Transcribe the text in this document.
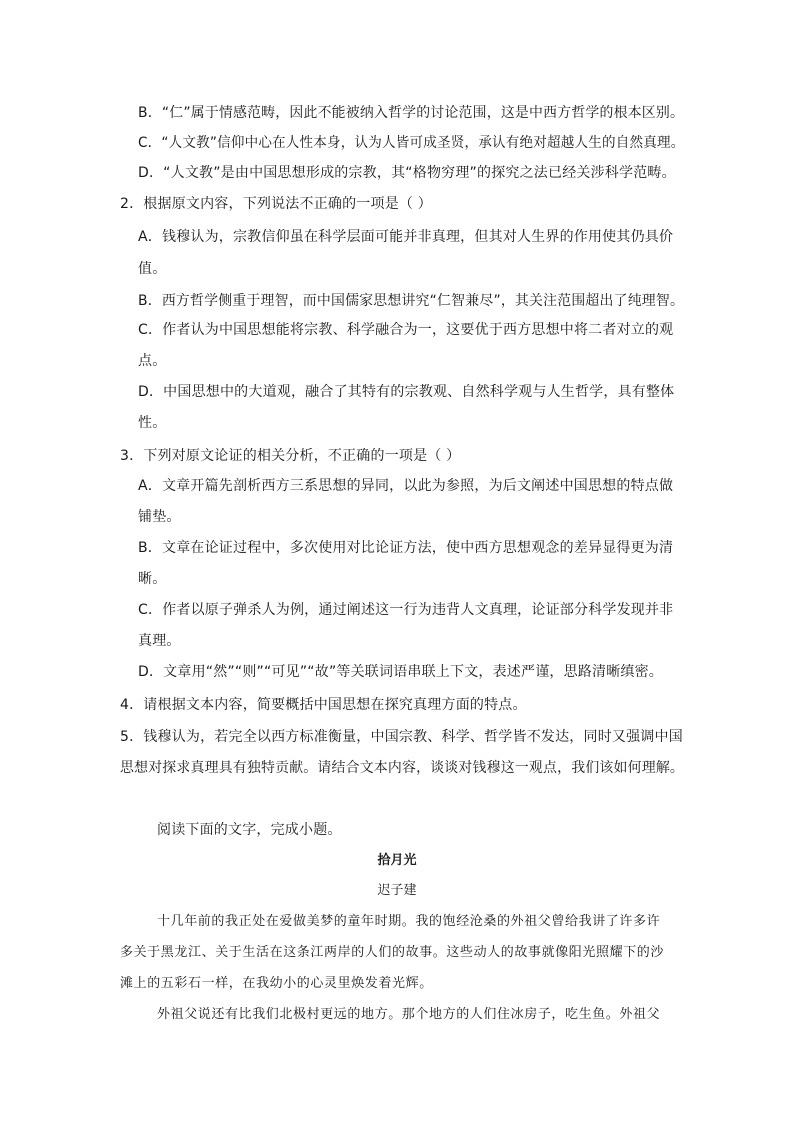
B．“仁”属于情感范畴，因此不能被纳入哲学的讨论范围，这是中西方哲学的根本区别。
C．“人文教”信仰中心在人性本身，认为人皆可成圣贤，承认有绝对超越人生的自然真理。
D．“人文教”是由中国思想形成的宗教，其“格物穷理”的探究之法已经关涉科学范畴。
2．根据原文内容，下列说法不正确的一项是（ ）
A．钱穆认为，宗教信仰虽在科学层面可能并非真理，但其对人生界的作用使其仍具价
值。
B．西方哲学侧重于理智，而中国儒家思想讲究“仁智兼尽”，其关注范围超出了纯理智。
C．作者认为中国思想能将宗教、科学融合为一，这要优于西方思想中将二者对立的观
点。
D．中国思想中的大道观，融合了其特有的宗教观、自然科学观与人生哲学，具有整体
性。
3．下列对原文论证的相关分析，不正确的一项是（ ）
A．文章开篇先剖析西方三系思想的异同，以此为参照，为后文阐述中国思想的特点做
铺垫。
B．文章在论证过程中，多次使用对比论证方法，使中西方思想观念的差异显得更为清
晰。
C．作者以原子弹杀人为例，通过阐述这一行为违背人文真理，论证部分科学发现并非
真理。
D．文章用“然”“则”“可见”“故”等关联词语串联上下文，表述严谨，思路清晰缜密。
4．请根据文本内容，简要概括中国思想在探究真理方面的特点。
5．钱穆认为，若完全以西方标准衡量，中国宗教、科学、哲学皆不发达，同时又强调中国
思想对探求真理具有独特贡献。请结合文本内容，谈谈对钱穆这一观点，我们该如何理解。
阅读下面的文字，完成小题。
拾月光
迟子建
十几年前的我正处在爱做美梦的童年时期。我的饱经沧桑的外祖父曾给我讲了许多许
多关于黑龙江、关于生活在这条江两岸的人们的故事。这些动人的故事就像阳光照耀下的沙
滩上的五彩石一样，在我幼小的心灵里焕发着光辉。
外祖父说还有比我们北极村更远的地方。那个地方的人们住冰房子，吃生鱼。外祖父
